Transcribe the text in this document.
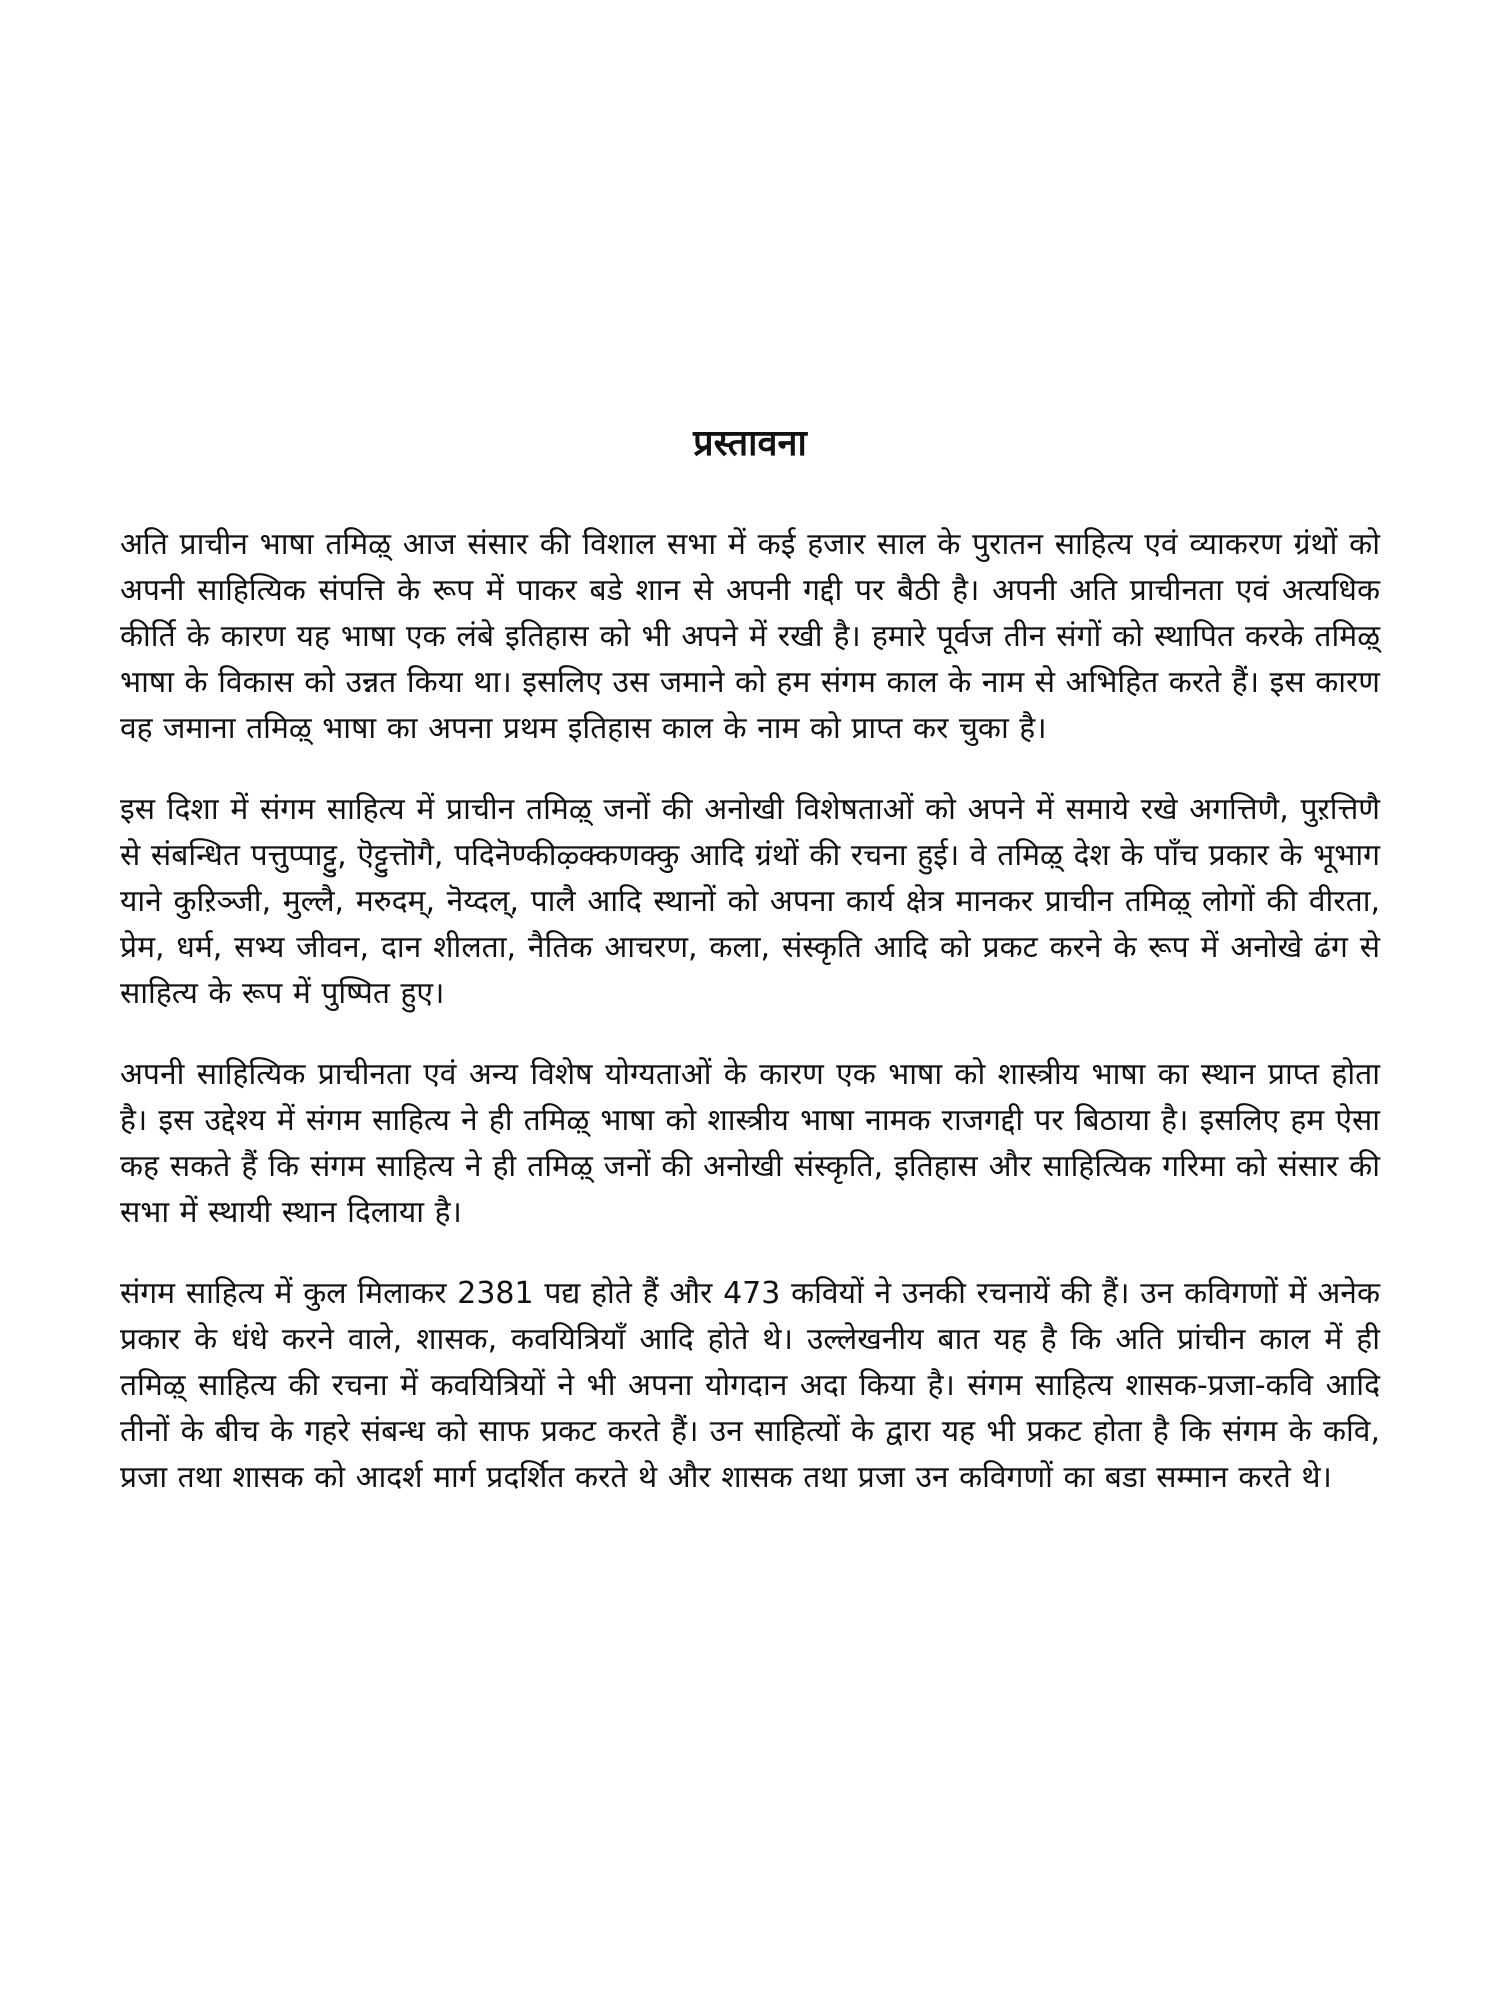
प्रस्तावना

अति प्राचीन भाषा तमिऴ् आज संसार की विशाल सभा में कई हजार साल के पुरातन साहित्य एवं व्याकरण ग्रंथों को अपनी साहित्यिक संपत्ति के रूप में पाकर बडे शान से अपनी गद्दी पर बैठी है। अपनी अति प्राचीनता एवं अत्यधिक कीर्ति के कारण यह भाषा एक लंबे इतिहास को भी अपने में रखी है। हमारे पूर्वज तीन संगों को स्थापित करके तमिऴ् भाषा के विकास को उन्नत किया था। इसलिए उस जमाने को हम संगम काल के नाम से अभिहित करते हैं। इस कारण वह जमाना तमिऴ् भाषा का अपना प्रथम इतिहास काल के नाम को प्राप्त कर चुका है।

इस दिशा में संगम साहित्य में प्राचीन तमिऴ् जनों की अनोखी विशेषताओं को अपने में समाये रखे अगत्तिणै, पुऱत्तिणै से संबन्धित पत्तुप्पाट्टु, ऎट्टुत्तॊगै, पदिनॆण्कीऴ्क्कणक्कु आदि ग्रंथों की रचना हुई। वे तमिऴ् देश के पाँच प्रकार के भूभाग याने कुऱिञ्जी, मुल्लै, मरुदम्, नॆय्दल्, पालै आदि स्थानों को अपना कार्य क्षेत्र मानकर प्राचीन तमिऴ् लोगों की वीरता, प्रेम, धर्म, सभ्य जीवन, दान शीलता, नैतिक आचरण, कला, संस्कृति आदि को प्रकट करने के रूप में अनोखे ढंग से साहित्य के रूप में पुष्पित हुए।

अपनी साहित्यिक प्राचीनता एवं अन्य विशेष योग्यताओं के कारण एक भाषा को शास्त्रीय भाषा का स्थान प्राप्त होता है। इस उद्देश्य में संगम साहित्य ने ही तमिऴ् भाषा को शास्त्रीय भाषा नामक राजगद्दी पर बिठाया है। इसलिए हम ऐसा कह सकते हैं कि संगम साहित्य ने ही तमिऴ् जनों की अनोखी संस्कृति, इतिहास और साहित्यिक गरिमा को संसार की सभा में स्थायी स्थान दिलाया है।

संगम साहित्य में कुल मिलाकर 2381 पद्य होते हैं और 473 कवियों ने उनकी रचनायें की हैं। उन कविगणों में अनेक प्रकार के धंधे करने वाले, शासक, कवयित्रियाँ आदि होते थे। उल्लेखनीय बात यह है कि अति प्रांचीन काल में ही तमिऴ् साहित्य की रचना में कवयित्रियों ने भी अपना योगदान अदा किया है। संगम साहित्य शासक-प्रजा-कवि आदि तीनों के बीच के गहरे संबन्ध को साफ प्रकट करते हैं। उन साहित्यों के द्वारा यह भी प्रकट होता है कि संगम के कवि, प्रजा तथा शासक को आदर्श मार्ग प्रदर्शित करते थे और शासक तथा प्रजा उन कविगणों का बडा सम्मान करते थे।
